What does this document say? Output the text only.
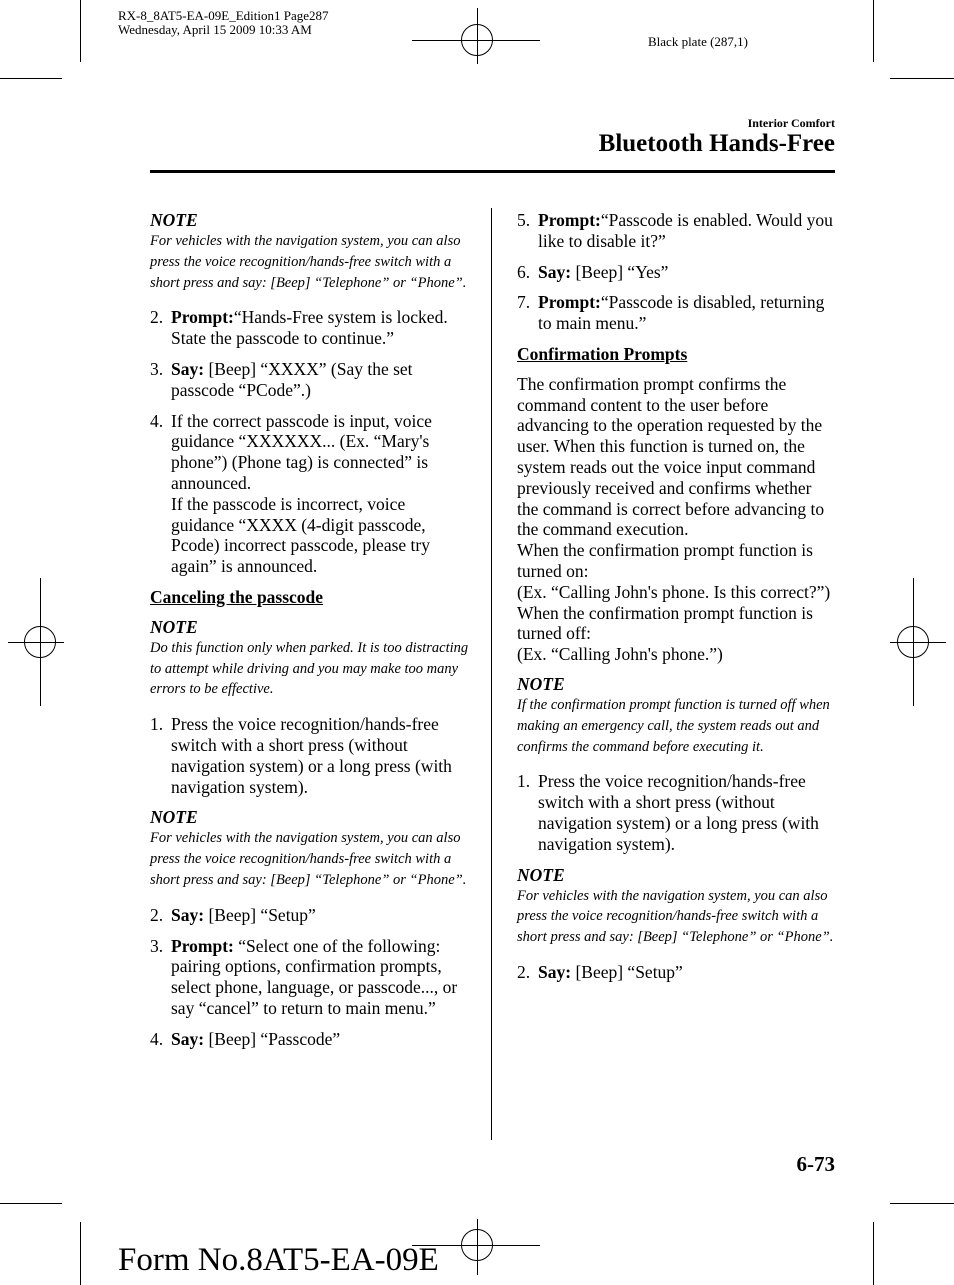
RX-8_8AT5-EA-09E_Edition1 Page287
Wednesday, April 15 2009 10:33 AM
Black plate (287,1)
Interior Comfort
Bluetooth Hands-Free
NOTE
For vehicles with the navigation system, you can also press the voice recognition/hands-free switch with a short press and say: [Beep] “Telephone” or “Phone”.
2. Prompt:“Hands-Free system is locked. State the passcode to continue.”
3. Say: [Beep] “XXXX” (Say the set passcode “PCode”.)
4. If the correct passcode is input, voice guidance “XXXXXX... (Ex. “Mary's phone”) (Phone tag) is connected” is announced.
If the passcode is incorrect, voice guidance “XXXX (4-digit passcode, Pcode) incorrect passcode, please try again” is announced.
Canceling the passcode
NOTE
Do this function only when parked. It is too distracting to attempt while driving and you may make too many errors to be effective.
1. Press the voice recognition/hands-free switch with a short press (without navigation system) or a long press (with navigation system).
NOTE
For vehicles with the navigation system, you can also press the voice recognition/hands-free switch with a short press and say: [Beep] “Telephone” or “Phone”.
2. Say: [Beep] “Setup”
3. Prompt: “Select one of the following: pairing options, confirmation prompts, select phone, language, or passcode..., or say “cancel” to return to main menu.”
4. Say: [Beep] “Passcode”
5. Prompt:“Passcode is enabled. Would you like to disable it?”
6. Say: [Beep] “Yes”
7. Prompt:“Passcode is disabled, returning to main menu.”
Confirmation Prompts
The confirmation prompt confirms the command content to the user before advancing to the operation requested by the user. When this function is turned on, the system reads out the voice input command previously received and confirms whether the command is correct before advancing to the command execution.
When the confirmation prompt function is turned on:
(Ex. “Calling John's phone. Is this correct?”)
When the confirmation prompt function is turned off:
(Ex. “Calling John's phone.”)
NOTE
If the confirmation prompt function is turned off when making an emergency call, the system reads out and confirms the command before executing it.
1. Press the voice recognition/hands-free switch with a short press (without navigation system) or a long press (with navigation system).
NOTE
For vehicles with the navigation system, you can also press the voice recognition/hands-free switch with a short press and say: [Beep] “Telephone” or “Phone”.
2. Say: [Beep] “Setup”
6-73
Form No.8AT5-EA-09E
